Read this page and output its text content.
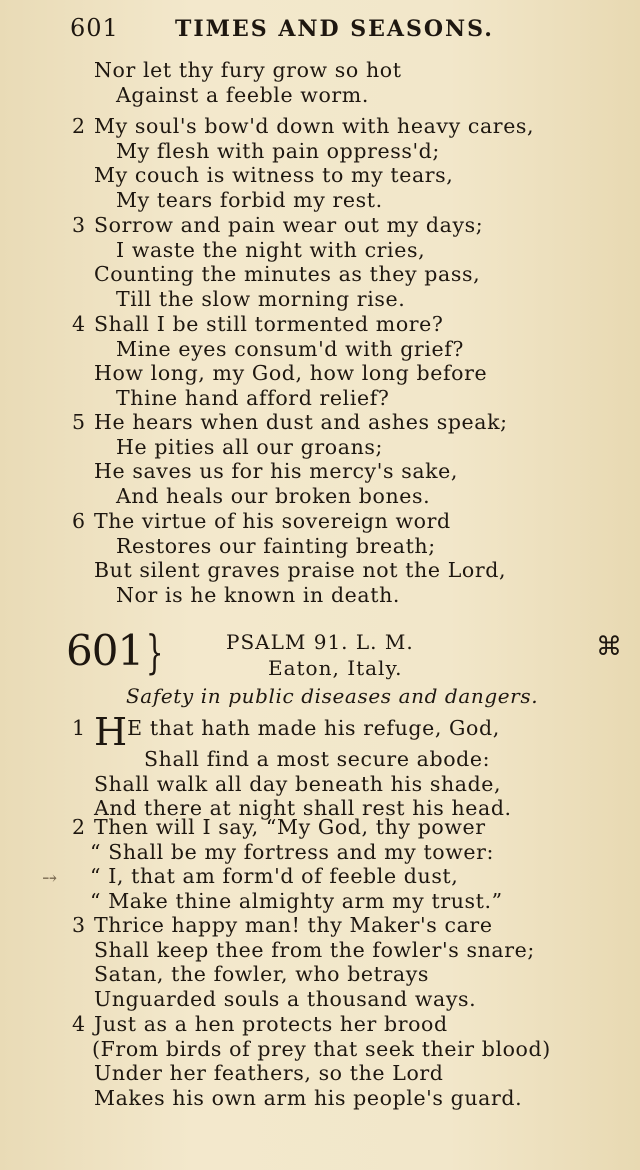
601	TIMES AND SEASONS.
Nor let thy fury grow so hot
Against a feeble worm.
2 My soul's bow'd down with heavy cares,
My flesh with pain oppress'd;
My couch is witness to my tears,
My tears forbid my rest.
3 Sorrow and pain wear out my days;
I waste the night with cries,
Counting the minutes as they pass,
Till the slow morning rise.
4 Shall I be still tormented more?
Mine eyes consum'd with grief?
How long, my God, how long before
Thine hand afford relief?
5 He hears when dust and ashes speak;
He pities all our groans;
He saves us for his mercy's sake,
And heals our broken bones.
6 The virtue of his sovereign word
Restores our fainting breath;
But silent graves praise not the Lord,
Nor is he known in death.
601 }	PSALM 91. L. M.
Eaton, Italy.
⌘
Safety in public diseases and dangers.
1 HE that hath made his refuge, God,
Shall find a most secure abode:
Shall walk all day beneath his shade,
And there at night shall rest his head.
2 Then will I say, “My God, thy power
“ Shall be my fortress and my tower:
“ I, that am form'd of feeble dust,
“ Make thine almighty arm my trust.”
⤍
3 Thrice happy man! thy Maker's care
Shall keep thee from the fowler's snare;
Satan, the fowler, who betrays
Unguarded souls a thousand ways.
4 Just as a hen protects her brood
(From birds of prey that seek their blood)
Under her feathers, so the Lord
Makes his own arm his people's guard.
